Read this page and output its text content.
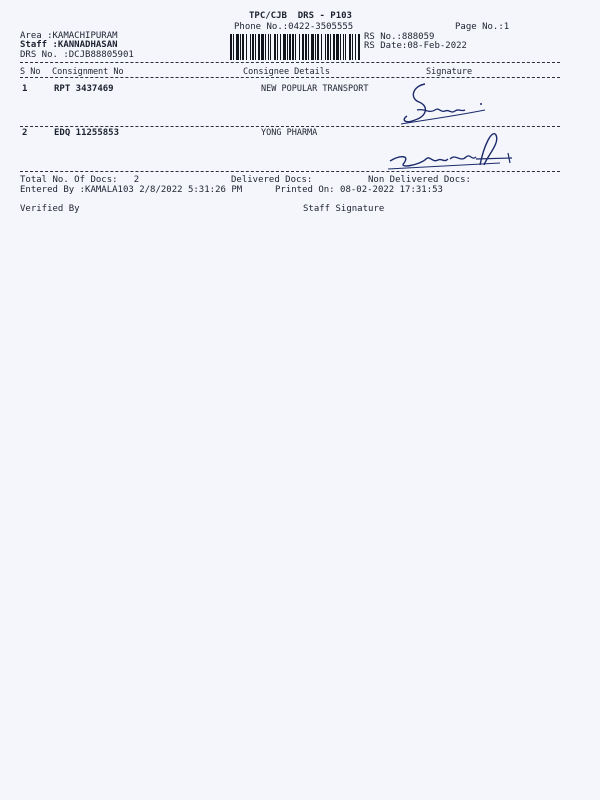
TPC/CJB  DRS - P103
Phone No.:0422-3505555	Page No.:1
Area :KAMACHIPURAM
Staff :KANNADHASAN
DRS No. :DCJB88805901
RS No.:888059
RS Date:08-Feb-2022
S No Consignment No	Consignee Details	Signature
1	RPT 3437469	NEW POPULAR TRANSPORT
2	EDQ 11255853	YONG PHARMA
Total No. Of Docs:   2	Delivered Docs:	Non Delivered Docs:
Entered By :KAMALA103 2/8/2022 5:31:26 PM	Printed On: 08-02-2022 17:31:53
Verified By	Staff Signature
